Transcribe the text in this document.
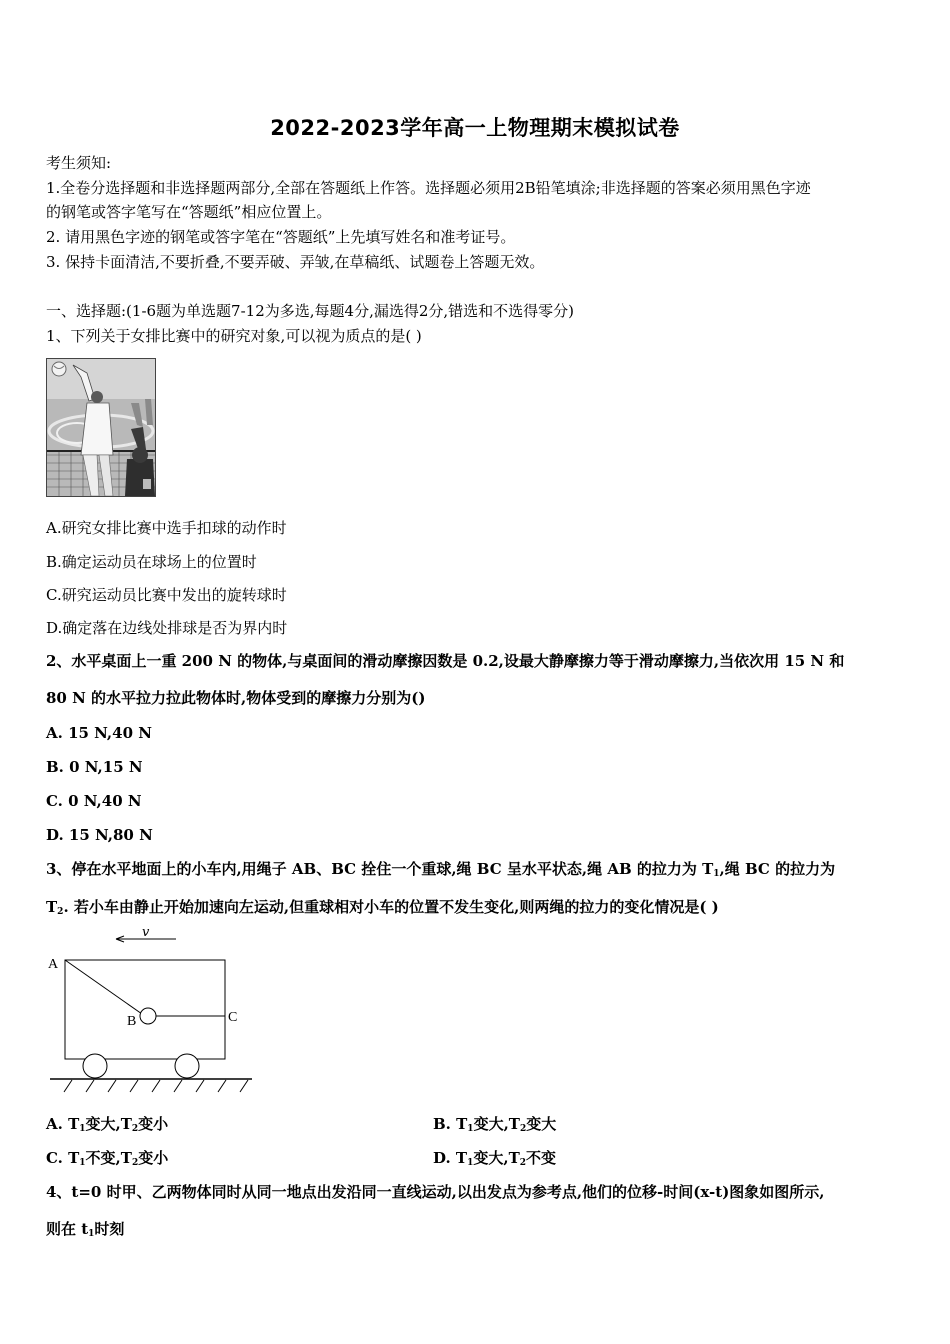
2022-2023学年高一上物理期末模拟试卷
考生须知:
1.全卷分选择题和非选择题两部分,全部在答题纸上作答。选择题必须用2B铅笔填涂;非选择题的答案必须用黑色字迹
的钢笔或答字笔写在“答题纸”相应位置上。
2. 请用黑色字迹的钢笔或答字笔在“答题纸”上先填写姓名和准考证号。
3. 保持卡面清洁,不要折叠,不要弄破、弄皱,在草稿纸、试题卷上答题无效。
一、选择题:(1-6题为单选题7-12为多选,每题4分,漏选得2分,错选和不选得零分)
1、下列关于女排比赛中的研究对象,可以视为质点的是( )
A.研究女排比赛中选手扣球的动作时
B.确定运动员在球场上的位置时
C.研究运动员比赛中发出的旋转球时
D.确定落在边线处排球是否为界内时
2、水平桌面上一重 200 N 的物体,与桌面间的滑动摩擦因数是 0.2,设最大静摩擦力等于滑动摩擦力,当依次用 15 N 和
80 N 的水平拉力拉此物体时,物体受到的摩擦力分别为()
A. 15 N,40 N
B. 0 N,15 N
C. 0 N,40 N
D. 15 N,80 N
3、停在水平地面上的小车内,用绳子 AB、BC 拴住一个重球,绳 BC 呈水平状态,绳 AB 的拉力为 $T_1$,绳 BC 的拉力为
$T_2$. 若小车由静止开始加速向左运动,但重球相对小车的位置不发生变化,则两绳的拉力的变化情况是( )
v
A
B	C
A. $T_1$变大$,T_2$变小	B. $T_1$变大$,T_2$变大
C. $T_1$不变$,T_2$变小	D. $T_1$变大$,T_2$不变
4、t=0 时甲、乙两物体同时从同一地点出发沿同一直线运动,以出发点为参考点,他们的位移-时间(x-t)图象如图所示,
则在 $t_1$时刻
